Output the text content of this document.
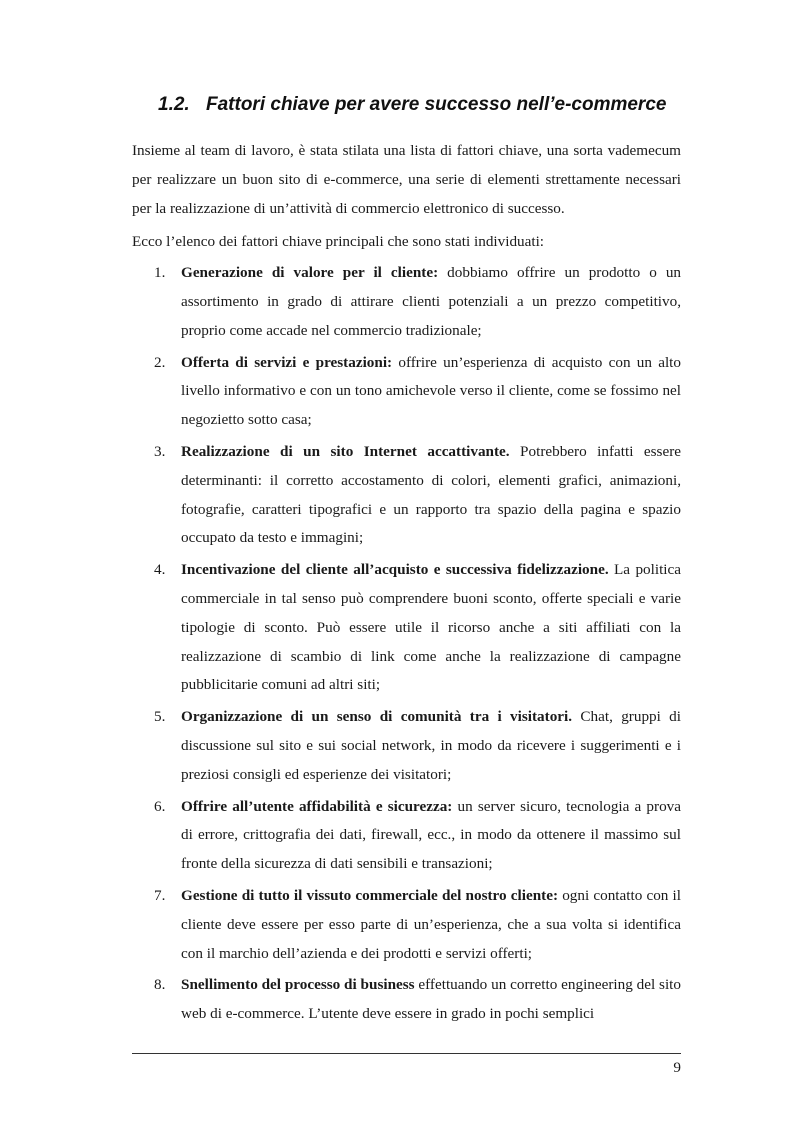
1.2. Fattori chiave per avere successo nell’e-commerce

Insieme al team di lavoro, è stata stilata una lista di fattori chiave, una sorta vademecum per realizzare un buon sito di e-commerce, una serie di elementi strettamente necessari per la realizzazione di un’attività di commercio elettronico di successo.

Ecco l’elenco dei fattori chiave principali che sono stati individuati:

1. Generazione di valore per il cliente: dobbiamo offrire un prodotto o un assortimento in grado di attirare clienti potenziali a un prezzo competitivo, proprio come accade nel commercio tradizionale;
2. Offerta di servizi e prestazioni: offrire un’esperienza di acquisto con un alto livello informativo e con un tono amichevole verso il cliente, come se fossimo nel negozietto sotto casa;
3. Realizzazione di un sito Internet accattivante. Potrebbero infatti essere determinanti: il corretto accostamento di colori, elementi grafici, animazioni, fotografie, caratteri tipografici e un rapporto tra spazio della pagina e spazio occupato da testo e immagini;
4. Incentivazione del cliente all’acquisto e successiva fidelizzazione. La politica commerciale in tal senso può comprendere buoni sconto, offerte speciali e varie tipologie di sconto. Può essere utile il ricorso anche a siti affiliati con la realizzazione di scambio di link come anche la realizzazione di campagne pubblicitarie comuni ad altri siti;
5. Organizzazione di un senso di comunità tra i visitatori. Chat, gruppi di discussione sul sito e sui social network, in modo da ricevere i suggerimenti e i preziosi consigli ed esperienze dei visitatori;
6. Offrire all’utente affidabilità e sicurezza: un server sicuro, tecnologia a prova di errore, crittografia dei dati, firewall, ecc., in modo da ottenere il massimo sul fronte della sicurezza di dati sensibili e transazioni;
7. Gestione di tutto il vissuto commerciale del nostro cliente: ogni contatto con il cliente deve essere per esso parte di un’esperienza, che a sua volta si identifica con il marchio dell’azienda e dei prodotti e servizi offerti;
8. Snellimento del processo di business effettuando un corretto engineering del sito web di e-commerce. L’utente deve essere in grado in pochi semplici
9
